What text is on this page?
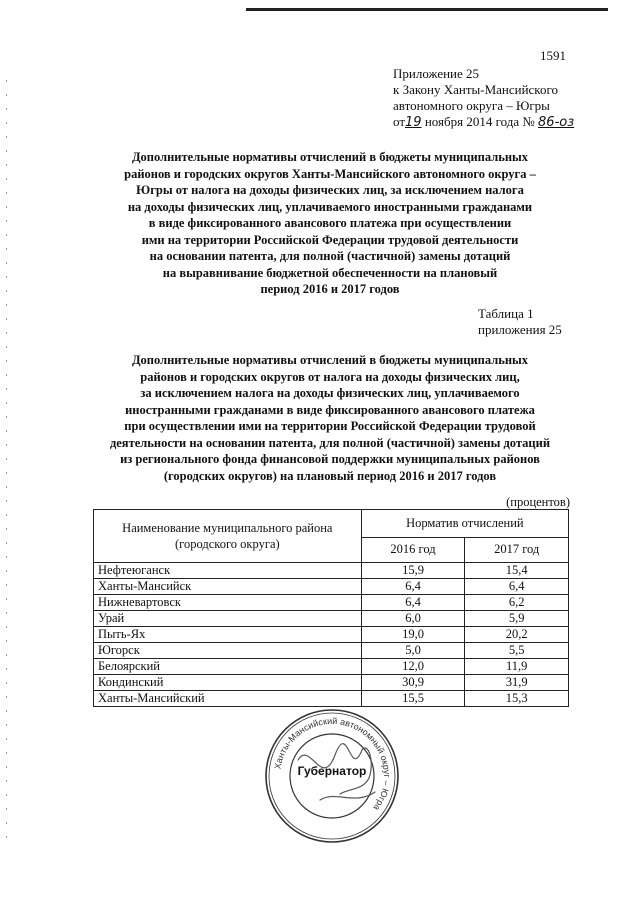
1591
Приложение 25
к Закону Ханты-Мансийского
автономного округа – Югры
от19 ноября 2014 года № 86-оз
Дополнительные нормативы отчислений в бюджеты муниципальных
районов и городских округов Ханты-Мансийского автономного округа –
Югры от налога на доходы физических лиц, за исключением налога
на доходы физических лиц, уплачиваемого иностранными гражданами
в виде фиксированного авансового платежа при осуществлении
ими на территории Российской Федерации трудовой деятельности
на основании патента, для полной (частичной) замены дотаций
на выравнивание бюджетной обеспеченности на плановый
период 2016 и 2017 годов
Таблица 1
приложения 25
Дополнительные нормативы отчислений в бюджеты муниципальных
районов и городских округов от налога на доходы физических лиц,
за исключением налога на доходы физических лиц, уплачиваемого
иностранными гражданами в виде фиксированного авансового платежа
при осуществлении ими на территории Российской Федерации трудовой
деятельности на основании патента, для полной (частичной) замены дотаций
из регионального фонда финансовой поддержки муниципальных районов
(городских округов) на плановый период 2016 и 2017 годов
(процентов)
Наименование муниципального района
(городского округа)	Норматив отчислений	
	2016 год	2017 год
Нефтеюганск	15,9	15,4
Ханты-Мансийск	6,4	6,4
Нижневартовск	6,4	6,2
Урай	6,0	5,9
Пыть-Ях	19,0	20,2
Югорск	5,0	5,5
Белоярский	12,0	11,9
Кондинский	30,9	31,9
Ханты-Мансийский	15,5	15,3
Ханты-Мансийский автономный округ – Югра
Губернатор
